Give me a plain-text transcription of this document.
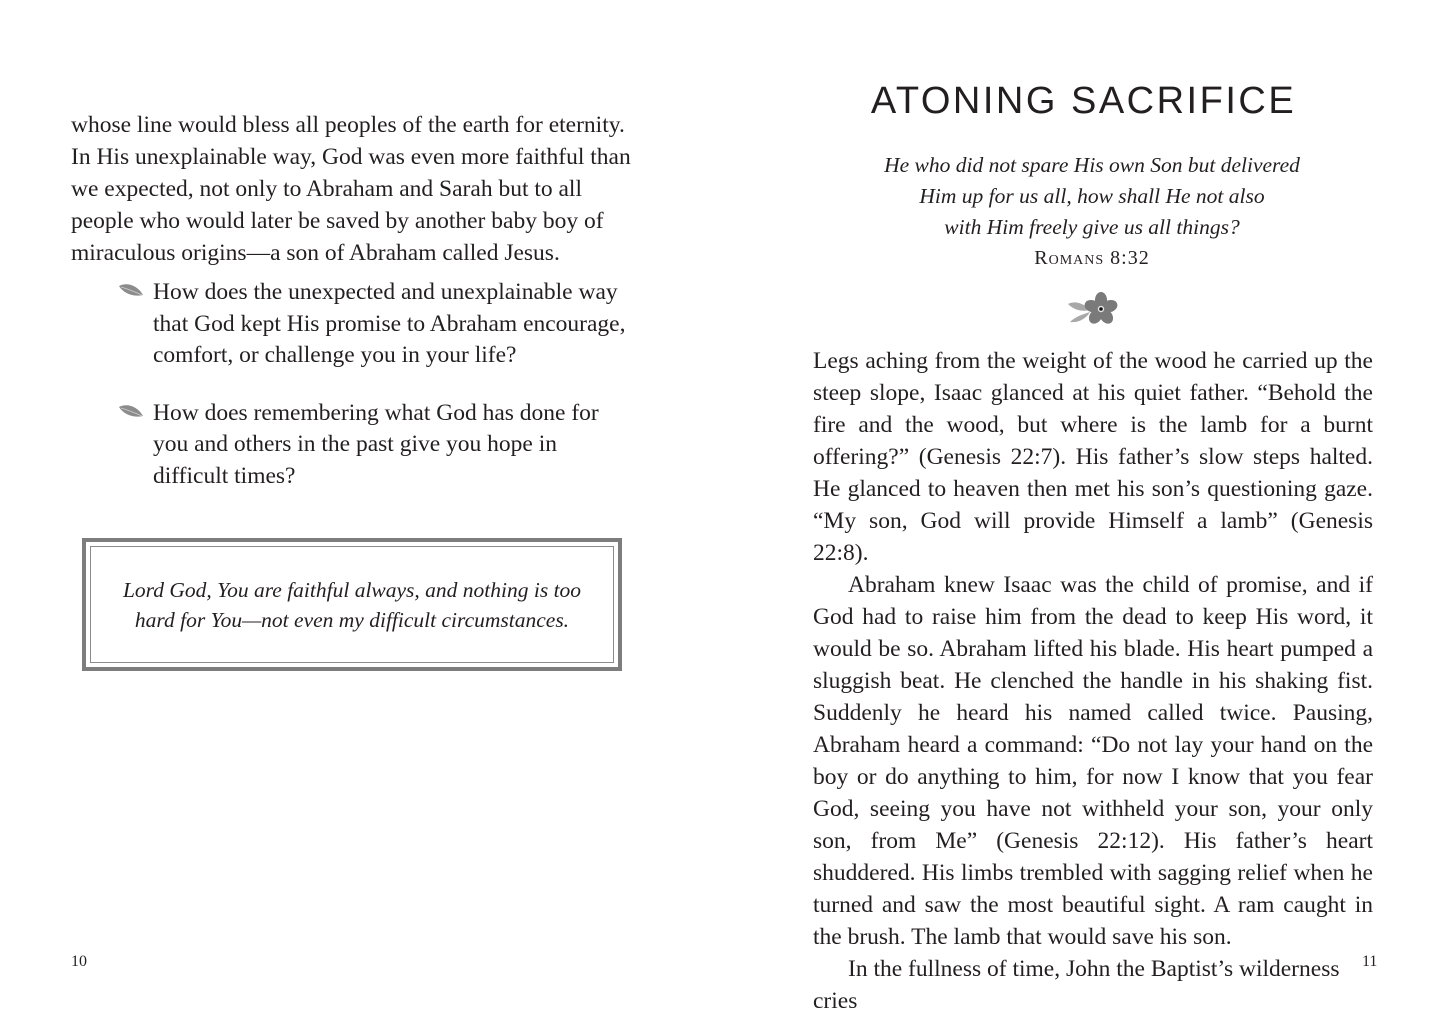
whose line would bless all peoples of the earth for eternity. In His unexplainable way, God was even more faithful than we expected, not only to Abraham and Sarah but to all people who would later be saved by another baby boy of miraculous origins—a son of Abraham called Jesus.

How does the unexpected and unexplainable way that God kept His promise to Abraham encourage, comfort, or challenge you in your life?
How does remembering what God has done for you and others in the past give you hope in difficult times?
Lord God, You are faithful always, and nothing is too hard for You—not even my difficult circumstances.
10
ATONING SACRIFICE
He who did not spare His own Son but delivered
Him up for us all, how shall He not also
with Him freely give us all things?
Romans 8:32

Legs aching from the weight of the wood he carried up the steep slope, Isaac glanced at his quiet father. “Behold the fire and the wood, but where is the lamb for a burnt offering?” (Genesis 22:7). His father’s slow steps halted. He glanced to heaven then met his son’s questioning gaze. “My son, God will provide Himself a lamb” (Genesis 22:8).

Abraham knew Isaac was the child of promise, and if God had to raise him from the dead to keep His word, it would be so. Abraham lifted his blade. His heart pumped a sluggish beat. He clenched the handle in his shaking fist. Suddenly he heard his named called twice. Pausing, Abraham heard a command: “Do not lay your hand on the boy or do anything to him, for now I know that you fear God, seeing you have not withheld your son, your only son, from Me” (Genesis 22:12). His father’s heart shuddered. His limbs trembled with sagging relief when he turned and saw the most beautiful sight. A ram caught in the brush. The lamb that would save his son.

In the fullness of time, John the Baptist’s wilderness cries

11
